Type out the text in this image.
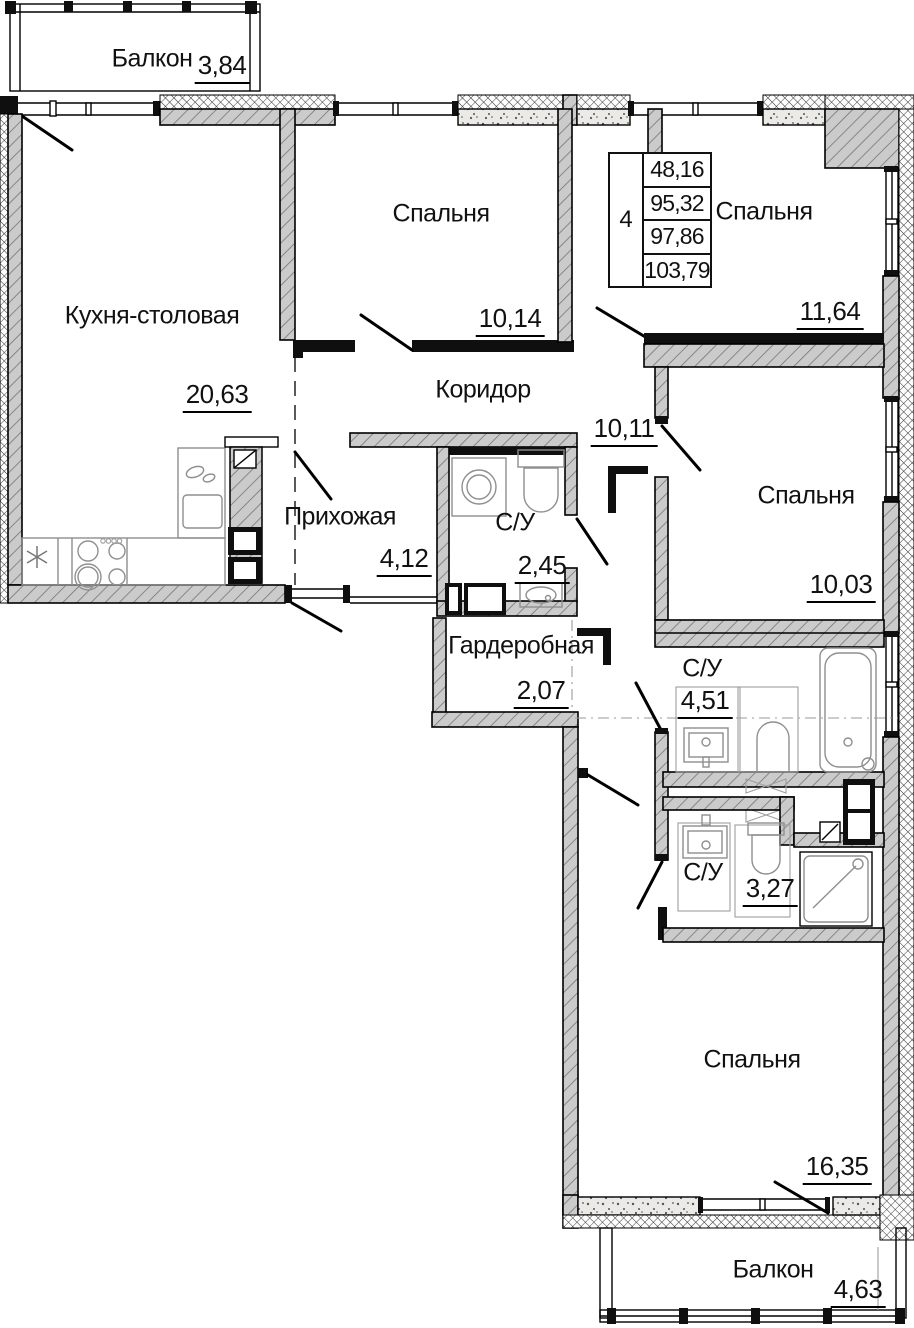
4
48,16
95,32
97,86
103,79
Балкон 3,84
Кухня-столовая
20,63
Спальня
10,14
Спальня
11,64
Коридор
10,11
Прихожая
4,12
С/У
2,45
Спальня
10,03
Гардеробная
2,07
С/У
4,51
С/У
3,27
Спальня
16,35
Балкон
4,63
